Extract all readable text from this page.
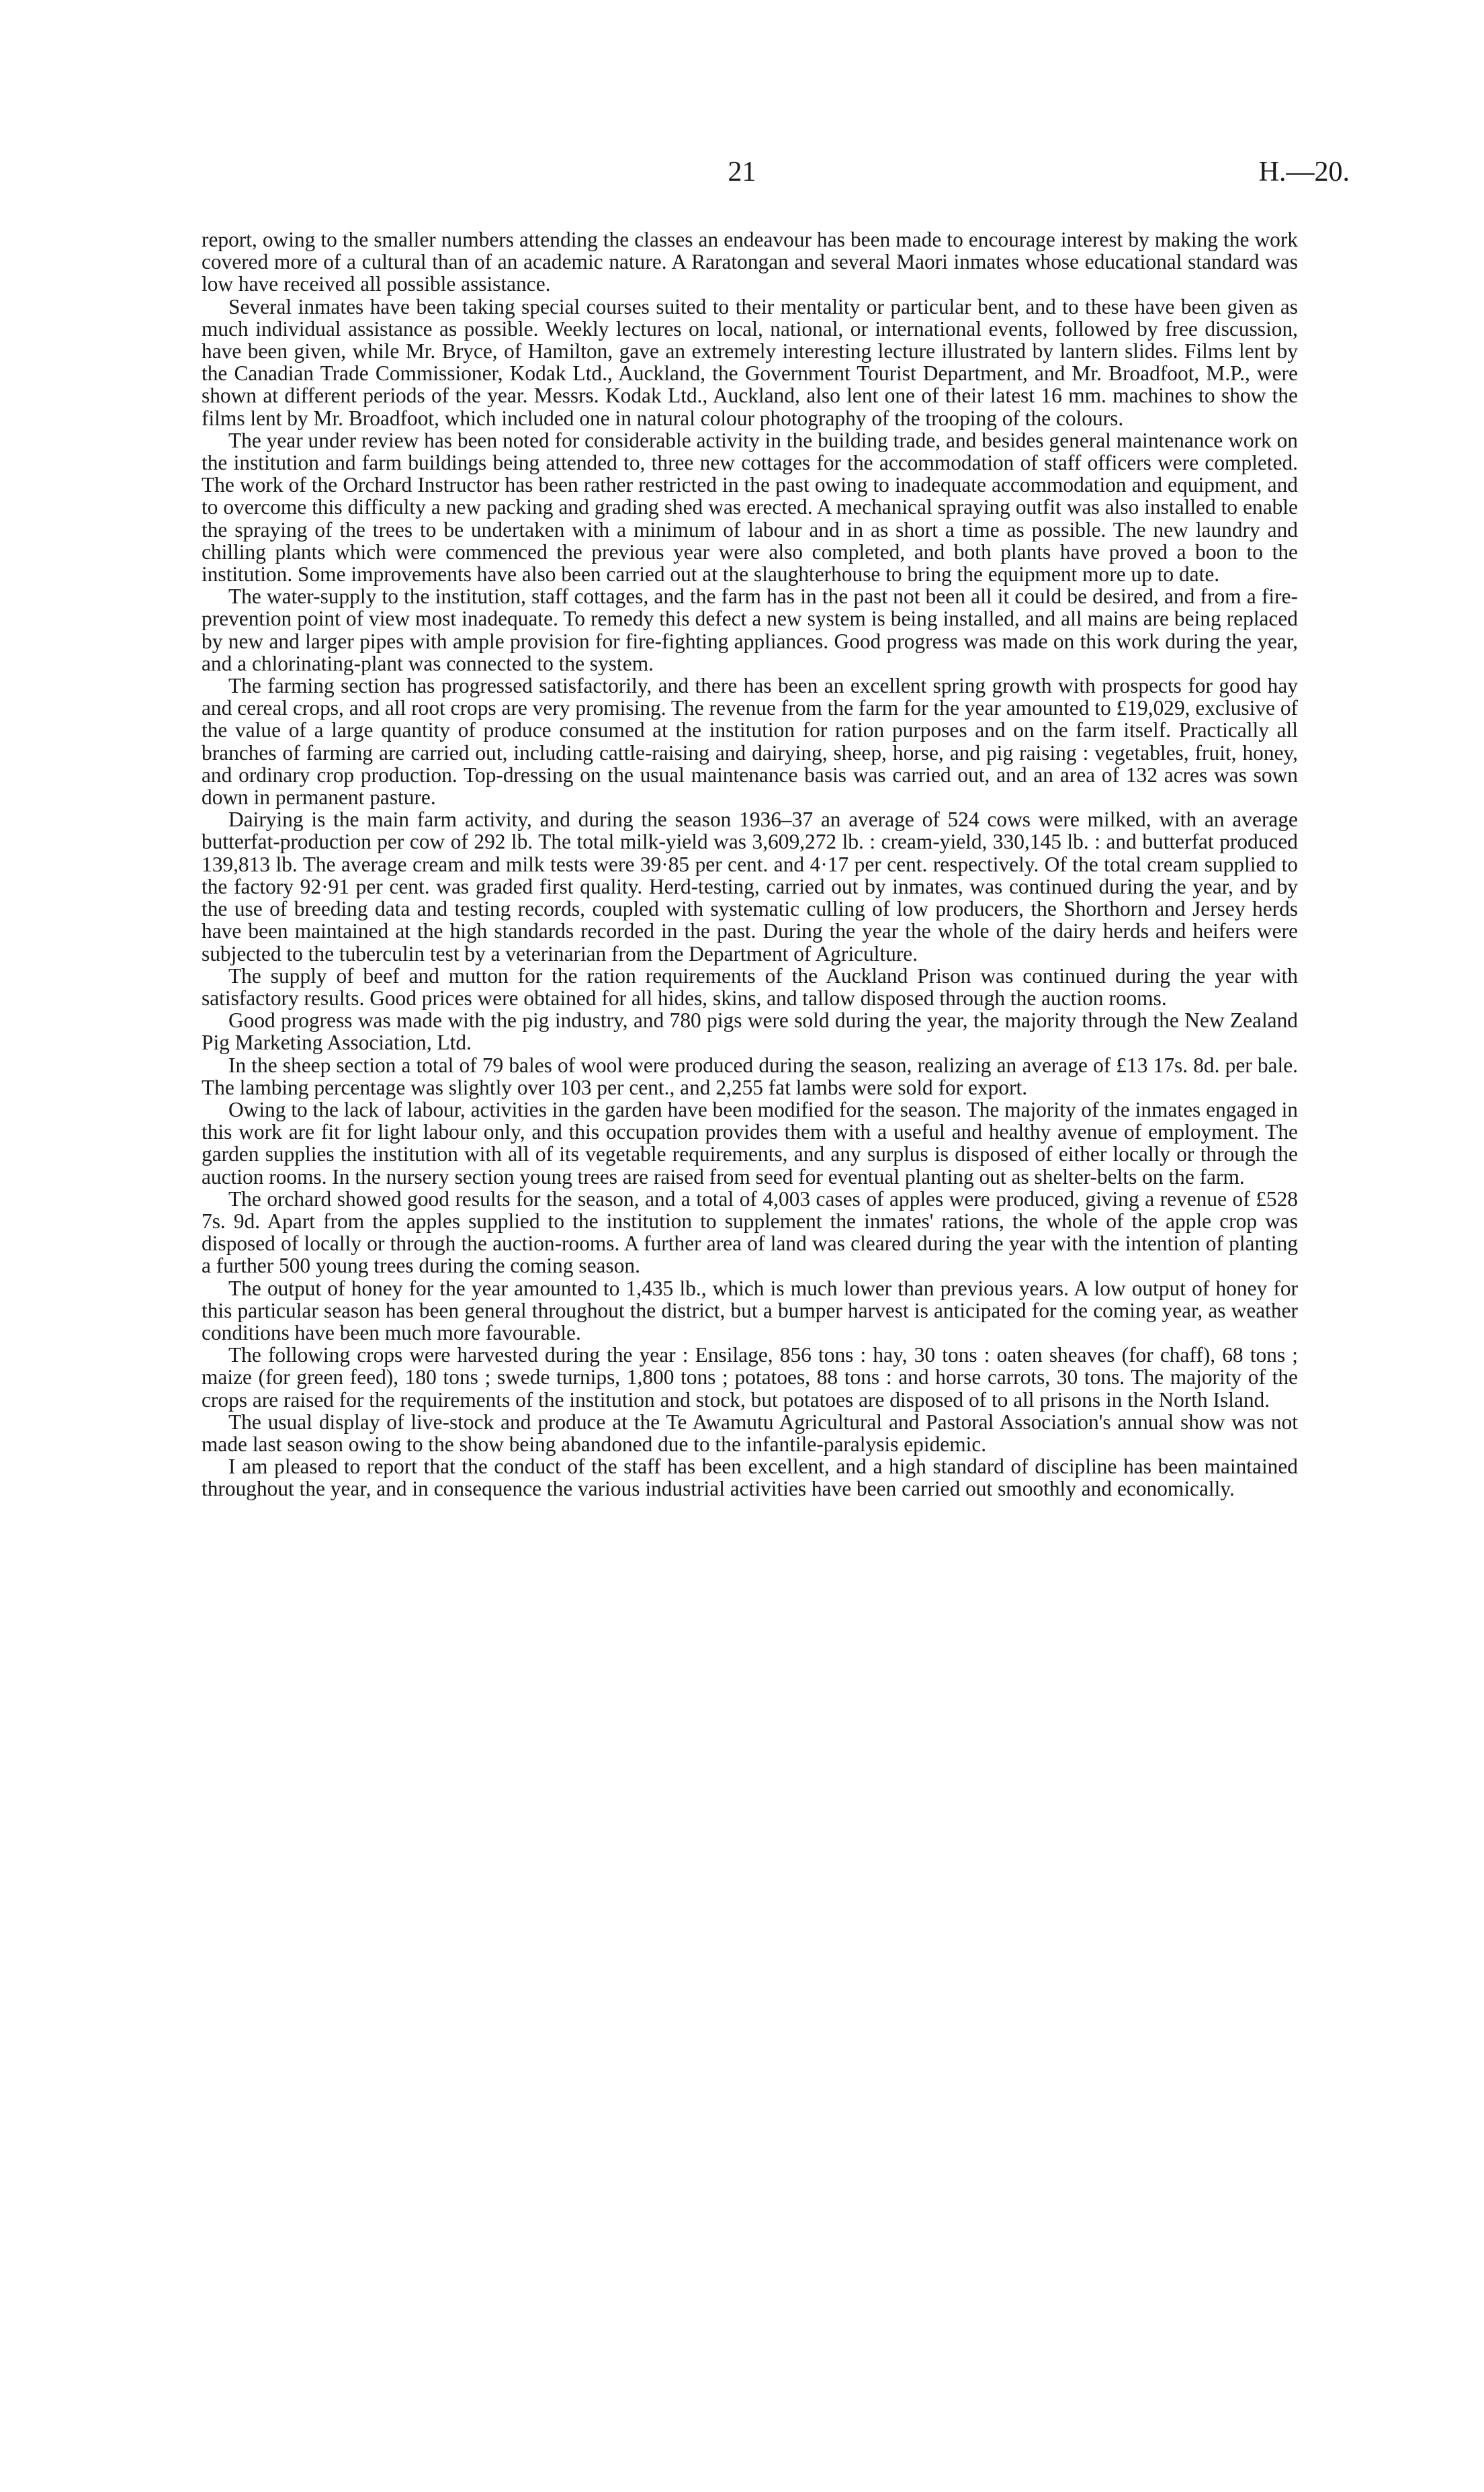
21	H.—20.

report, owing to the smaller numbers attending the classes an endeavour has been made to encourage interest by making the work covered more of a cultural than of an academic nature. A Raratongan and several Maori inmates whose educational standard was low have received all possible assistance.

Several inmates have been taking special courses suited to their mentality or particular bent, and to these have been given as much individual assistance as possible. Weekly lectures on local, national, or international events, followed by free discussion, have been given, while Mr. Bryce, of Hamilton, gave an extremely interesting lecture illustrated by lantern slides. Films lent by the Canadian Trade Commissioner, Kodak Ltd., Auckland, the Government Tourist Department, and Mr. Broadfoot, M.P., were shown at different periods of the year. Messrs. Kodak Ltd., Auckland, also lent one of their latest 16 mm. machines to show the films lent by Mr. Broadfoot, which included one in natural colour photography of the trooping of the colours.

The year under review has been noted for considerable activity in the building trade, and besides general maintenance work on the institution and farm buildings being attended to, three new cottages for the accommodation of staff officers were completed. The work of the Orchard Instructor has been rather restricted in the past owing to inadequate accommodation and equipment, and to overcome this difficulty a new packing and grading shed was erected. A mechanical spraying outfit was also installed to enable the spraying of the trees to be undertaken with a minimum of labour and in as short a time as possible. The new laundry and chilling plants which were commenced the previous year were also completed, and both plants have proved a boon to the institution. Some improvements have also been carried out at the slaughterhouse to bring the equipment more up to date.

The water-supply to the institution, staff cottages, and the farm has in the past not been all it could be desired, and from a fire-prevention point of view most inadequate. To remedy this defect a new system is being installed, and all mains are being replaced by new and larger pipes with ample provision for fire-fighting appliances. Good progress was made on this work during the year, and a chlorinating-plant was connected to the system.

The farming section has progressed satisfactorily, and there has been an excellent spring growth with prospects for good hay and cereal crops, and all root crops are very promising. The revenue from the farm for the year amounted to £19,029, exclusive of the value of a large quantity of produce consumed at the institution for ration purposes and on the farm itself. Practically all branches of farming are carried out, including cattle-raising and dairying, sheep, horse, and pig raising : vegetables, fruit, honey, and ordinary crop production. Top-dressing on the usual maintenance basis was carried out, and an area of 132 acres was sown down in permanent pasture.

Dairying is the main farm activity, and during the season 1936–37 an average of 524 cows were milked, with an average butterfat-production per cow of 292 lb. The total milk-yield was 3,609,272 lb. : cream-yield, 330,145 lb. : and butterfat produced 139,813 lb. The average cream and milk tests were 39·85 per cent. and 4·17 per cent. respectively. Of the total cream supplied to the factory 92·91 per cent. was graded first quality. Herd-testing, carried out by inmates, was continued during the year, and by the use of breeding data and testing records, coupled with systematic culling of low producers, the Shorthorn and Jersey herds have been maintained at the high standards recorded in the past. During the year the whole of the dairy herds and heifers were subjected to the tuberculin test by a veterinarian from the Department of Agriculture.

The supply of beef and mutton for the ration requirements of the Auckland Prison was continued during the year with satisfactory results. Good prices were obtained for all hides, skins, and tallow disposed through the auction rooms.

Good progress was made with the pig industry, and 780 pigs were sold during the year, the majority through the New Zealand Pig Marketing Association, Ltd.

In the sheep section a total of 79 bales of wool were produced during the season, realizing an average of £13 17s. 8d. per bale. The lambing percentage was slightly over 103 per cent., and 2,255 fat lambs were sold for export.

Owing to the lack of labour, activities in the garden have been modified for the season. The majority of the inmates engaged in this work are fit for light labour only, and this occupation provides them with a useful and healthy avenue of employment. The garden supplies the institution with all of its vegetable requirements, and any surplus is disposed of either locally or through the auction rooms. In the nursery section young trees are raised from seed for eventual planting out as shelter-belts on the farm.

The orchard showed good results for the season, and a total of 4,003 cases of apples were produced, giving a revenue of £528 7s. 9d. Apart from the apples supplied to the institution to supplement the inmates' rations, the whole of the apple crop was disposed of locally or through the auction-rooms. A further area of land was cleared during the year with the intention of planting a further 500 young trees during the coming season.

The output of honey for the year amounted to 1,435 lb., which is much lower than previous years. A low output of honey for this particular season has been general throughout the district, but a bumper harvest is anticipated for the coming year, as weather conditions have been much more favourable.

The following crops were harvested during the year : Ensilage, 856 tons : hay, 30 tons : oaten sheaves (for chaff), 68 tons ; maize (for green feed), 180 tons ; swede turnips, 1,800 tons ; potatoes, 88 tons : and horse carrots, 30 tons. The majority of the crops are raised for the requirements of the institution and stock, but potatoes are disposed of to all prisons in the North Island.

The usual display of live-stock and produce at the Te Awamutu Agricultural and Pastoral Association's annual show was not made last season owing to the show being abandoned due to the infantile-paralysis epidemic.

I am pleased to report that the conduct of the staff has been excellent, and a high standard of discipline has been maintained throughout the year, and in consequence the various industrial activities have been carried out smoothly and economically.
